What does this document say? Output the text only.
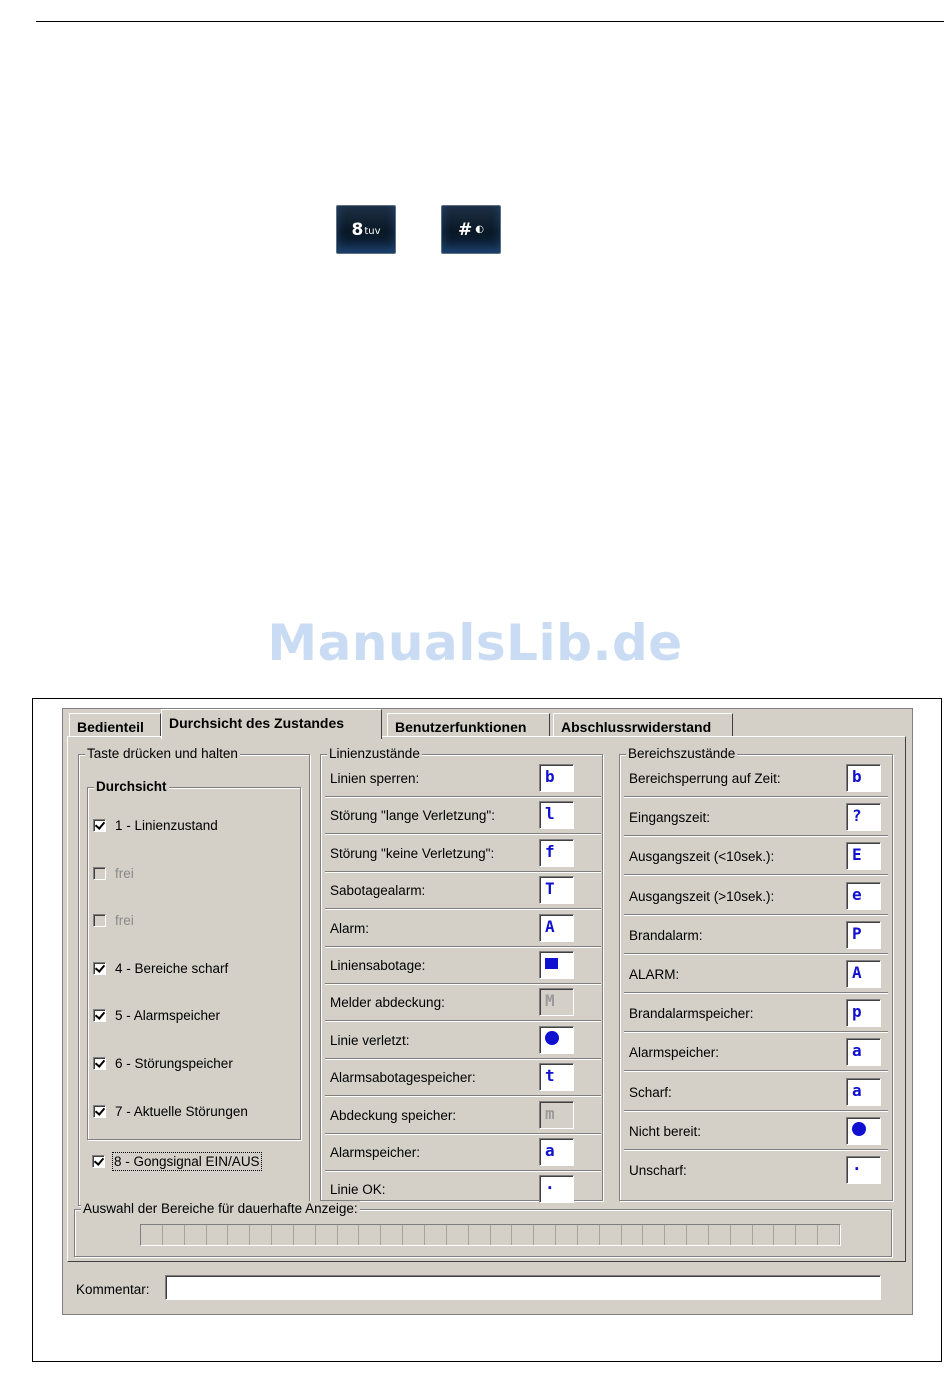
8 tuv	# ◐
ManualsLib.de
Bedienteil	Durchsicht des Zustandes	Benutzerfunktionen	Abschlussrwiderstand
Taste drücken und halten
Durchsicht
1 - Linienzustand
frei
frei
4 - Bereiche scharf
5 - Alarmspeicher
6 - Störungspeicher
7 - Aktuelle Störungen
8 - Gongsignal EIN/AUS
Linienzustände
Linien sperren:	b
Störung "lange Verletzung":	l
Störung "keine Verletzung":	f
Sabotagealarm:	T
Alarm:	A
Liniensabotage:
Melder abdeckung:	M
Linie verletzt:
Alarmsabotagespeicher:	t
Abdeckung speicher:	m
Alarmspeicher:	a
Linie OK:	·
Bereichszustände
Bereichsperrung auf Zeit:	b
Eingangszeit:	?
Ausgangszeit (<10sek.):	E
Ausgangszeit (>10sek.):	e
Brandalarm:	P
ALARM:	A
Brandalarmspeicher:	p
Alarmspeicher:	a
Scharf:	a
Nicht bereit:
Unscharf:	·
Auswahl der Bereiche für dauerhafte Anzeige:
Kommentar:
